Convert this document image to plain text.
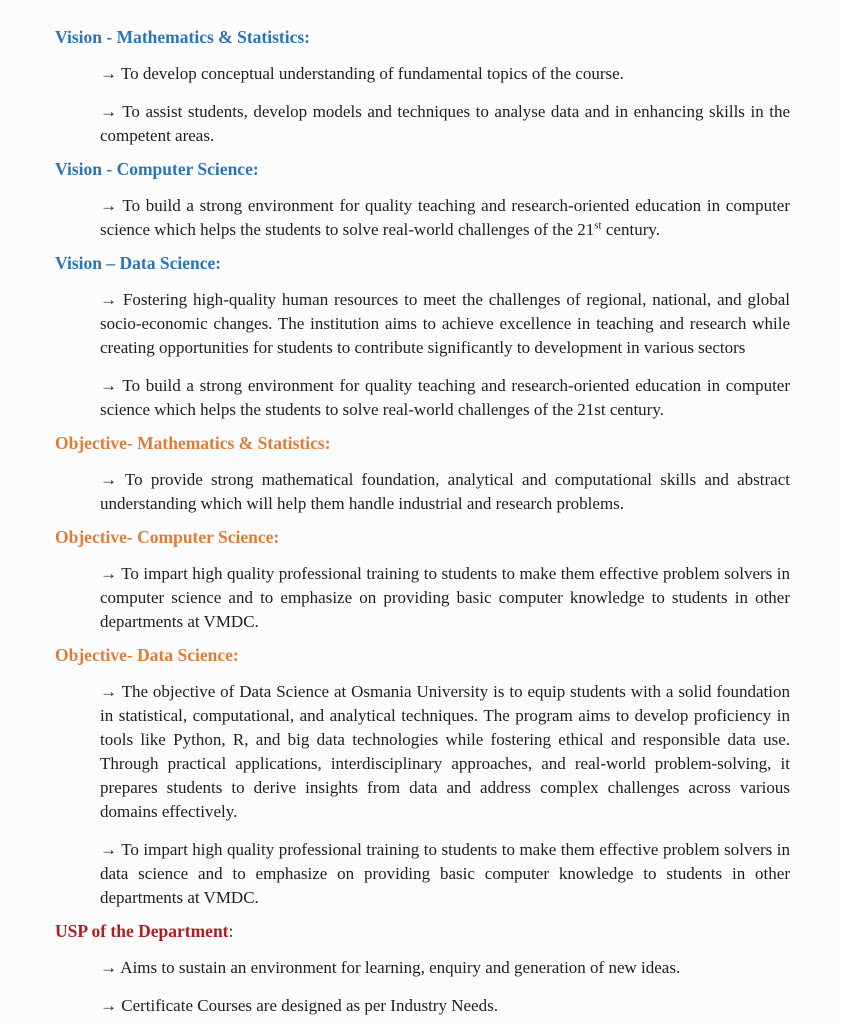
Vision - Mathematics & Statistics:

→ To develop conceptual understanding of fundamental topics of the course.

→ To assist students, develop models and techniques to analyse data and in enhancing skills in the competent areas.

Vision - Computer Science:

→ To build a strong environment for quality teaching and research-oriented education in computer science which helps the students to solve real-world challenges of the 21st century.

Vision – Data Science:

→ Fostering high-quality human resources to meet the challenges of regional, national, and global socio-economic changes. The institution aims to achieve excellence in teaching and research while creating opportunities for students to contribute significantly to development in various sectors

→ To build a strong environment for quality teaching and research-oriented education in computer science which helps the students to solve real-world challenges of the 21st century.

Objective- Mathematics & Statistics:

→ To provide strong mathematical foundation, analytical and computational skills and abstract understanding which will help them handle industrial and research problems.

Objective- Computer Science:

→ To impart high quality professional training to students to make them effective problem solvers in computer science and to emphasize on providing basic computer knowledge to students in other departments at VMDC.

Objective- Data Science:

→ The objective of Data Science at Osmania University is to equip students with a solid foundation in statistical, computational, and analytical techniques. The program aims to develop proficiency in tools like Python, R, and big data technologies while fostering ethical and responsible data use. Through practical applications, interdisciplinary approaches, and real-world problem-solving, it prepares students to derive insights from data and address complex challenges across various domains effectively.

→ To impart high quality professional training to students to make them effective problem solvers in data science and to emphasize on providing basic computer knowledge to students in other departments at VMDC.

USP of the Department:

→ Aims to sustain an environment for learning, enquiry and generation of new ideas.

→ Certificate Courses are designed as per Industry Needs.
